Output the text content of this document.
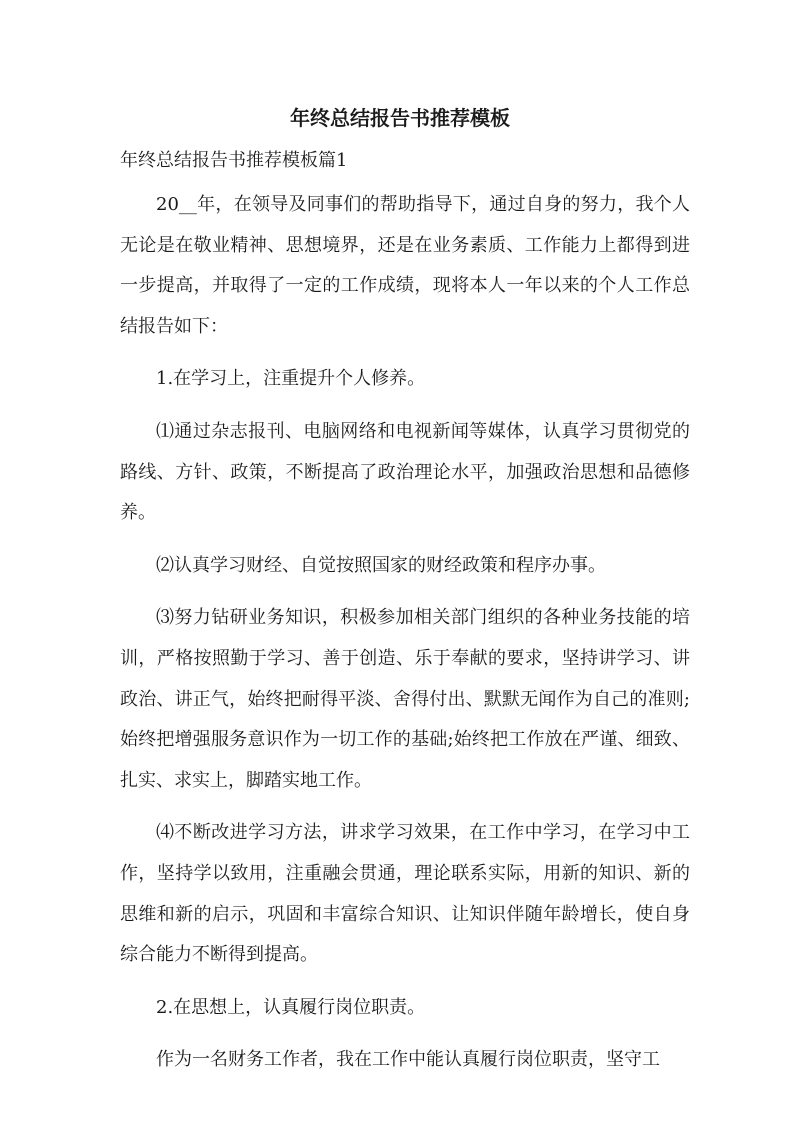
年终总结报告书推荐模板

年终总结报告书推荐模板篇1

20__年，在领导及同事们的帮助指导下，通过自身的努力，我个人无论是在敬业精神、思想境界，还是在业务素质、工作能力上都得到进一步提高，并取得了一定的工作成绩，现将本人一年以来的个人工作总结报告如下：

1.在学习上，注重提升个人修养。

⑴通过杂志报刊、电脑网络和电视新闻等媒体，认真学习贯彻党的路线、方针、政策，不断提高了政治理论水平，加强政治思想和品德修养。

⑵认真学习财经、自觉按照国家的财经政策和程序办事。

⑶努力钻研业务知识，积极参加相关部门组织的各种业务技能的培训，严格按照勤于学习、善于创造、乐于奉献的要求，坚持讲学习、讲政治、讲正气，始终把耐得平淡、舍得付出、默默无闻作为自己的准则;始终把增强服务意识作为一切工作的基础;始终把工作放在严谨、细致、扎实、求实上，脚踏实地工作。

⑷不断改进学习方法，讲求学习效果，在工作中学习，在学习中工作，坚持学以致用，注重融会贯通，理论联系实际，用新的知识、新的思维和新的启示，巩固和丰富综合知识、让知识伴随年龄增长，使自身综合能力不断得到提高。

2.在思想上，认真履行岗位职责。

作为一名财务工作者，我在工作中能认真履行岗位职责，坚守工
